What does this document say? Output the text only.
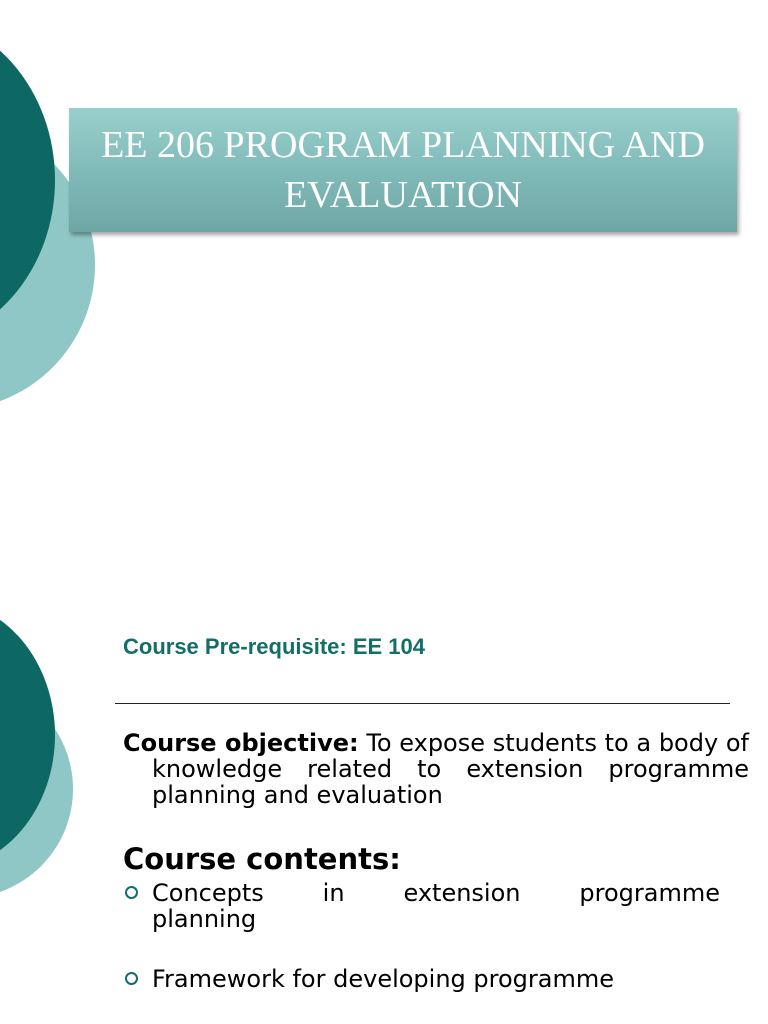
EE 206 PROGRAM PLANNING AND EVALUATION

Course Pre-requisite: EE 104

Course objective: To expose students to a body of knowledge related to extension programme planning and evaluation

Course contents:

Concepts in extension programme
planning
Framework for developing programme
